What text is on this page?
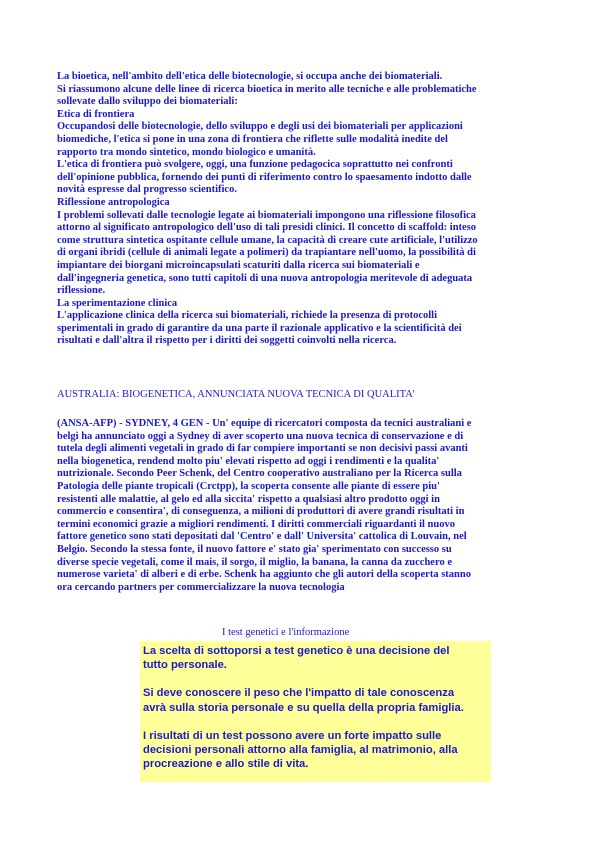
La bioetica, nell'ambito dell'etica delle biotecnologie, si occupa anche dei biomateriali.
Si riassumono alcune delle linee di ricerca bioetica in merito alle tecniche e alle problematiche
sollevate dallo sviluppo dei biomateriali:
Etica di frontiera
Occupandosi delle biotecnologie, dello sviluppo e degli usi dei biomateriali per applicazioni
biomediche, l'etica si pone in una zona di frontiera che riflette sulle modalità inedite del
rapporto tra mondo sintetico, mondo biologico e umanità.
L'etica di frontiera può svolgere, oggi, una funzione pedagocica soprattutto nei confronti
dell'opinione pubblica, fornendo dei punti di riferimento contro lo spaesamento indotto dalle
novità espresse dal progresso scientifico.
Riflessione antropologica
I problemi sollevati dalle tecnologie legate ai biomateriali impongono una riflessione filosofica
attorno al significato antropologico dell'uso di tali presidi clinici. Il concetto di scaffold: inteso
come struttura sintetica ospitante cellule umane, la capacità di creare cute artificiale, l'utilizzo
di organi ibridi (cellule di animali legate a polimeri) da trapiantare nell'uomo, la possibilità di
impiantare dei biorgani microincapsulati scaturiti dalla ricerca sui biomateriali e
dall'ingegneria genetica, sono tutti capitoli di una nuova antropologia meritevole di adeguata
riflessione.
La sperimentazione clinica
L'applicazione clinica della ricerca sui biomateriali, richiede la presenza di protocolli
sperimentali in grado di garantire da una parte il razionale applicativo e la scientificità dei
risultati e dall'altra il rispetto per i diritti dei soggetti coinvolti nella ricerca.

AUSTRALIA: BIOGENETICA, ANNUNCIATA NUOVA TECNICA DI QUALITA'

(ANSA-AFP) - SYDNEY, 4 GEN - Un' equipe di ricercatori composta da tecnici australiani e
belgi ha annunciato oggi a Sydney di aver scoperto una nuova tecnica di conservazione e di
tutela degli alimenti vegetali in grado di far compiere importanti se non decisivi passi avanti
nella biogenetica, rendend molto piu' elevati rispetto ad oggi i rendimenti e la qualita'
nutrizionale. Secondo Peer Schenk, del Centro cooperativo australiano per la Ricerca sulla
Patologia delle piante tropicali (Crctpp), la scoperta consente alle piante di essere piu'
resistenti alle malattie, al gelo ed alla siccita' rispetto a qualsiasi altro prodotto oggi in
commercio e consentira', di conseguenza, a milioni di produttori di avere grandi risultati in
termini economici grazie a migliori rendimenti. I diritti commerciali riguardanti il nuovo
fattore genetico sono stati depositati dal 'Centro' e dall' Universita' cattolica di Louvain, nel
Belgio. Secondo la stessa fonte, il nuovo fattore e' stato gia' sperimentato con successo su
diverse specie vegetali, come il mais, il sorgo, il miglio, la banana, la canna da zucchero e
numerose varieta' di alberi e di erbe. Schenk ha aggiunto che gli autori della scoperta stanno
ora cercando partners per commercializzare la nuova tecnologia

I test genetici e l'informazione

La scelta di sottoporsi a test genetico è una decisione del
tutto personale.

Si deve conoscere il peso che l'impatto di tale conoscenza
avrà sulla storia personale e su quella della propria famiglia.

I risultati di un test possono avere un forte impatto sulle
decisioni personali attorno alla famiglia, al matrimonio, alla
procreazione e allo stile di vita.
